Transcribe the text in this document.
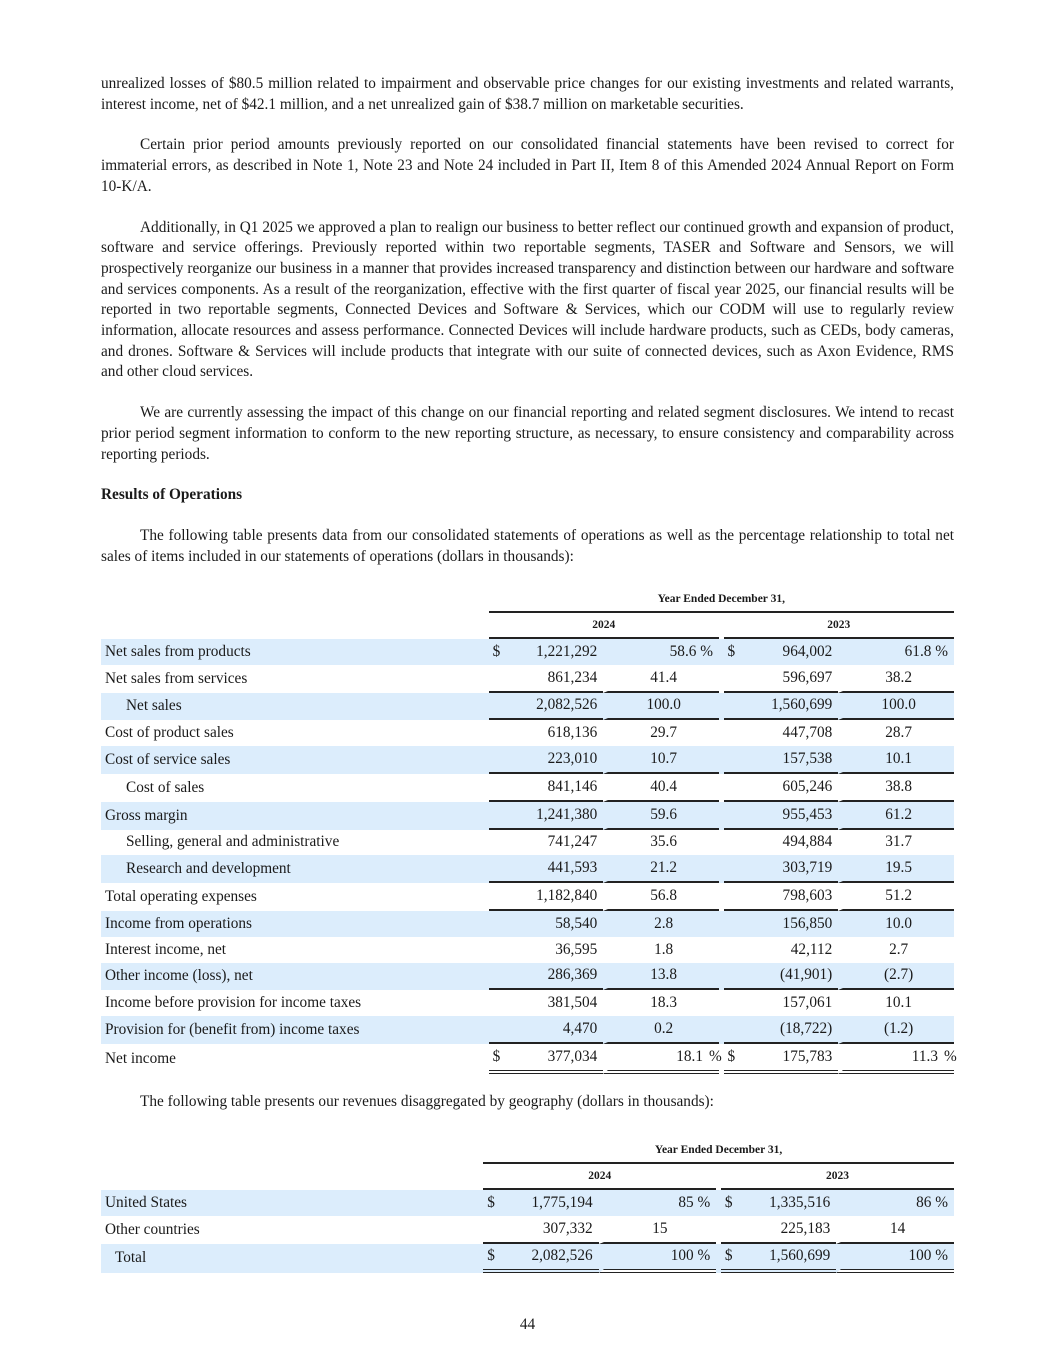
unrealized losses of $80.5 million related to impairment and observable price changes for our existing investments and related warrants, interest income, net of $42.1 million, and a net unrealized gain of $38.7 million on marketable securities.

Certain prior period amounts previously reported on our consolidated financial statements have been revised to correct for immaterial errors, as described in Note 1, Note 23 and Note 24 included in Part II, Item 8 of this Amended 2024 Annual Report on Form 10-K/A.

Additionally, in Q1 2025 we approved a plan to realign our business to better reflect our continued growth and expansion of product, software and service offerings. Previously reported within two reportable segments, TASER and Software and Sensors, we will prospectively reorganize our business in a manner that provides increased transparency and distinction between our hardware and software and services components. As a result of the reorganization, effective with the first quarter of fiscal year 2025, our financial results will be reported in two reportable segments, Connected Devices and Software & Services, which our CODM will use to regularly review information, allocate resources and assess performance. Connected Devices will include hardware products, such as CEDs, body cameras, and drones. Software & Services will include products that integrate with our suite of connected devices, such as Axon Evidence, RMS and other cloud services.

We are currently assessing the impact of this change on our financial reporting and related segment disclosures. We intend to recast prior period segment information to conform to the new reporting structure, as necessary, to ensure consistency and comparability across reporting periods.

Results of Operations

The following table presents data from our consolidated statements of operations as well as the percentage relationship to total net sales of items included in our statements of operations (dollars in thousands):

		Year Ended December 31,						
		2024				2023		
Net sales from products		$	1,221,292	58.6 %		$	964,002	61.8 %
Net sales from services			861,234	41.4			596,697	38.2
Net sales			2,082,526	100.0			1,560,699	100.0
Cost of product sales			618,136	29.7			447,708	28.7
Cost of service sales			223,010	10.7			157,538	10.1
Cost of sales			841,146	40.4			605,246	38.8
Gross margin			1,241,380	59.6			955,453	61.2
Selling, general and administrative			741,247	35.6			494,884	31.7
Research and development			441,593	21.2			303,719	19.5
Total operating expenses			1,182,840	56.8			798,603	51.2
Income from operations			58,540	2.8			156,850	10.0
Interest income, net			36,595	1.8			42,112	2.7
Other income (loss), net			286,369	13.8			(41,901)	(2.7)
Income before provision for income taxes			381,504	18.3			157,061	10.1
Provision for (benefit from) income taxes			4,470	0.2			(18,722)	(1.2)
Net income		$	377,034	18.1 %		$	175,783	11.3 %

The following table presents our revenues disaggregated by geography (dollars in thousands):

		Year Ended December 31,						
		2024				2023		
United States		$	1,775,194	85 %		$	1,335,516	86 %
Other countries			307,332	15			225,183	14
Total		$	2,082,526	100 %		$	1,560,699	100 %
44
